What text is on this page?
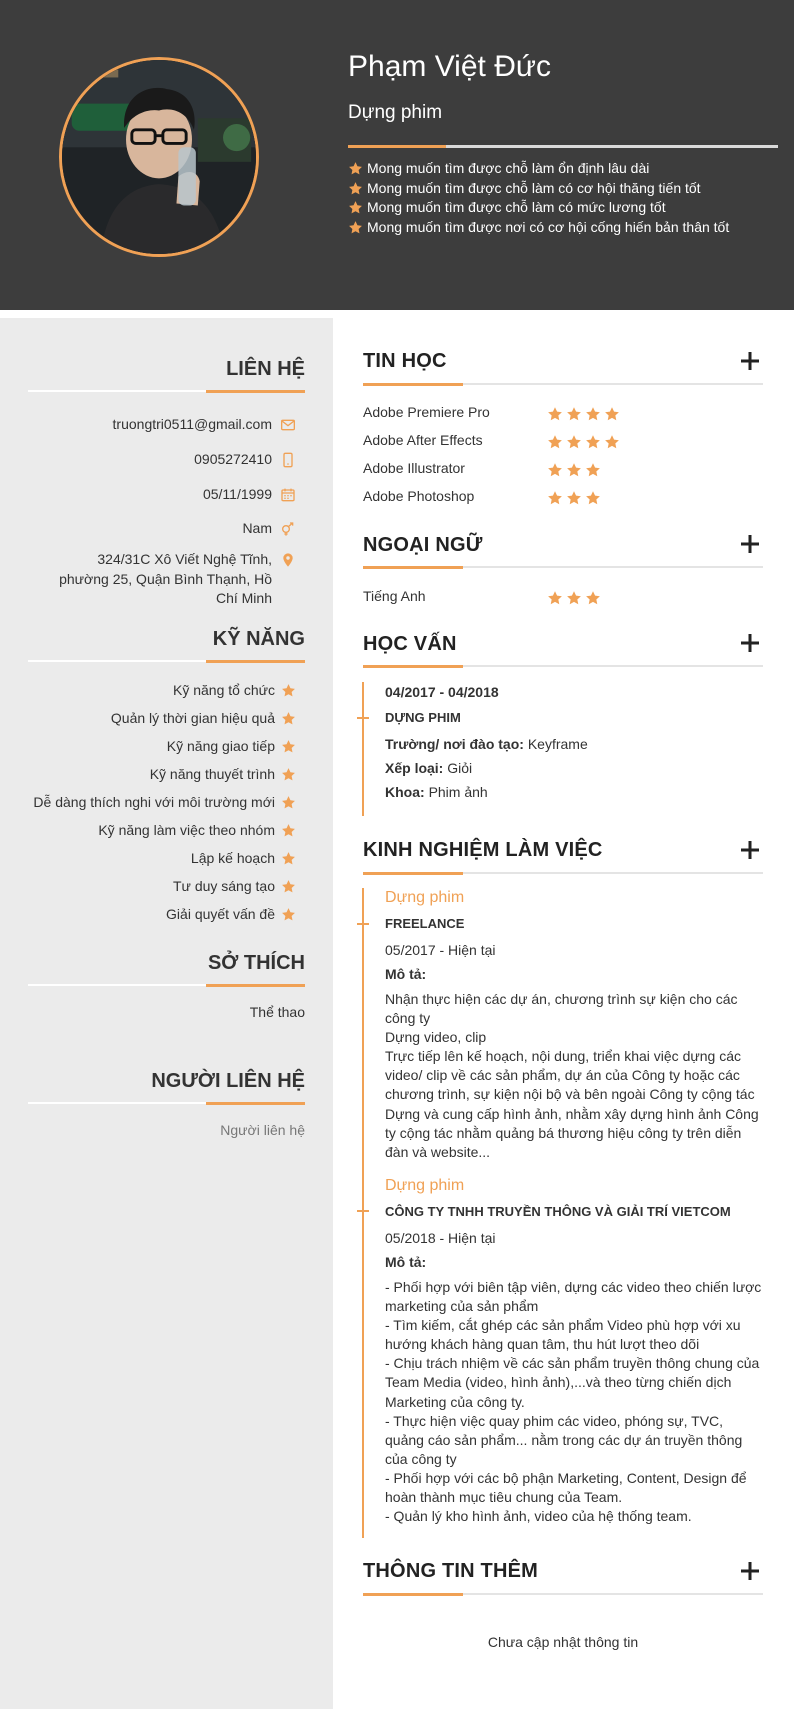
Phạm Việt Đức
Dựng phim
Mong muốn tìm được chỗ làm ổn định lâu dài
Mong muốn tìm được chỗ làm có cơ hội thăng tiến tốt
Mong muốn tìm được chỗ làm có mức lương tốt
Mong muốn tìm được nơi có cơ hội cống hiến bản thân tốt
LIÊN HỆ
truongtri0511@gmail.com
0905272410
05/11/1999
Nam
324/31C Xô Viết Nghệ Tĩnh,
phường 25, Quận Bình Thạnh, Hồ
Chí Minh
KỸ NĂNG
Kỹ năng tổ chức
Quản lý thời gian hiệu quả
Kỹ năng giao tiếp
Kỹ năng thuyết trình
Dễ dàng thích nghi với môi trường mới
Kỹ năng làm việc theo nhóm
Lập kế hoạch
Tư duy sáng tạo
Giải quyết vấn đề
SỞ THÍCH
Thể thao
NGƯỜI LIÊN HỆ
Người liên hệ
TIN HỌC
Adobe Premiere Pro
Adobe After Effects
Adobe Illustrator
Adobe Photoshop
NGOẠI NGỮ
Tiếng Anh
HỌC VẤN
04/2017 - 04/2018
DỰNG PHIM
Trường/ nơi đào tạo: Keyframe
Xếp loại: Giỏi
Khoa: Phim ảnh
KINH NGHIỆM LÀM VIỆC
Dựng phim
FREELANCE
05/2017 - Hiện tại
Mô tả:
Nhận thực hiện các dự án, chương trình sự kiện cho các công ty
Dựng video, clip
Trực tiếp lên kế hoạch, nội dung, triển khai việc dựng các video/ clip về các sản phẩm, dự án của Công ty hoặc các chương trình, sự kiện nội bộ và bên ngoài Công ty cộng tác Dựng và cung cấp hình ảnh, nhằm xây dựng hình ảnh Công ty cộng tác nhằm quảng bá thương hiệu công ty trên diễn đàn và website...
Dựng phim
CÔNG TY TNHH TRUYỀN THÔNG VÀ GIẢI TRÍ VIETCOM
05/2018 - Hiện tại
Mô tả:
- Phối hợp với biên tập viên, dựng các video theo chiến lược marketing của sản phẩm
- Tìm kiếm, cắt ghép các sản phẩm Video phù hợp với xu hướng khách hàng quan tâm, thu hút lượt theo dõi
- Chịu trách nhiệm về các sản phẩm truyền thông chung của Team Media (video, hình ảnh),...và theo từng chiến dịch Marketing của công ty.
- Thực hiện việc quay phim các video, phóng sự, TVC, quảng cáo sản phẩm... nằm trong các dự án truyền thông của công ty
- Phối hợp với các bộ phận Marketing, Content, Design để hoàn thành mục tiêu chung của Team.
- Quản lý kho hình ảnh, video của hệ thống team.
THÔNG TIN THÊM
Chưa cập nhật thông tin
